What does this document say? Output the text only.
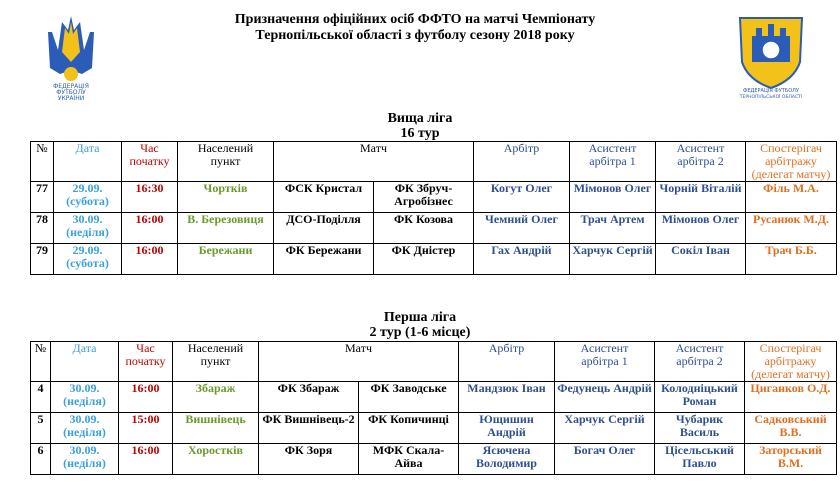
ФЕДЕРАЦІЯ
ФУТБОЛУ
УКРАЇНИ
Призначення офіційних осіб ФФТО на матчі Чемпіонату
Тернопільської області з футболу сезону 2018 року
ФЕДЕРАЦІЯ ФУТБОЛУ
ТЕРНОПІЛЬСЬКОЇ ОБЛАСТІ
Вища ліга
16 тур
№	Дата	Час
початку	Населений
пункт	Матч		Арбітр	Асистент
арбітра 1	Асистент
арбітра 2	Спостерігач
арбітражу
(делегат матчу)
77	29.09.
(субота)	16:30	Чортків	ФСК Кристал	ФК Збруч-Агробізнес	Когут Олег	Мімонов Олег	Чорній Віталій	Філь М.А.
78	30.09.
(неділя)	16:00	В. Березовиця	ДСО-Поділля	ФК Козова	Чемний Олег	Трач Артем	Мімонов Олег	Русанюк М.Д.
79	29.09.
(субота)	16:00	Бережани	ФК Бережани	ФК Дністер	Гах Андрій	Харчук Сергій	Сокіл Іван	Трач Б.Б.
Перша ліга
2 тур (1-6 місце)
№	Дата	Час
початку	Населений
пункт	Матч		Арбітр	Асистент
арбітра 1	Асистент
арбітра 2	Спостерігач
арбітражу
(делегат матчу)
4	30.09.
(неділя)	16:00	Збараж	ФК Збараж	ФК Заводське	Мандзюк Іван	Федунець Андрій	Колодніцький Роман	Циганков О.Д.
5	30.09.
(неділя)	15:00	Вишнівець	ФК Вишнівець-2	ФК Копичинці	Ющишин Андрій	Харчук Сергій	Чубарик Василь	Садковський В.В.
6	30.09.
(неділя)	16:00	Хоростків	ФК Зоря	МФК Скала-Айва	Ясючена Володимир	Богач Олег	Цісельський Павло	Заторський В.М.
